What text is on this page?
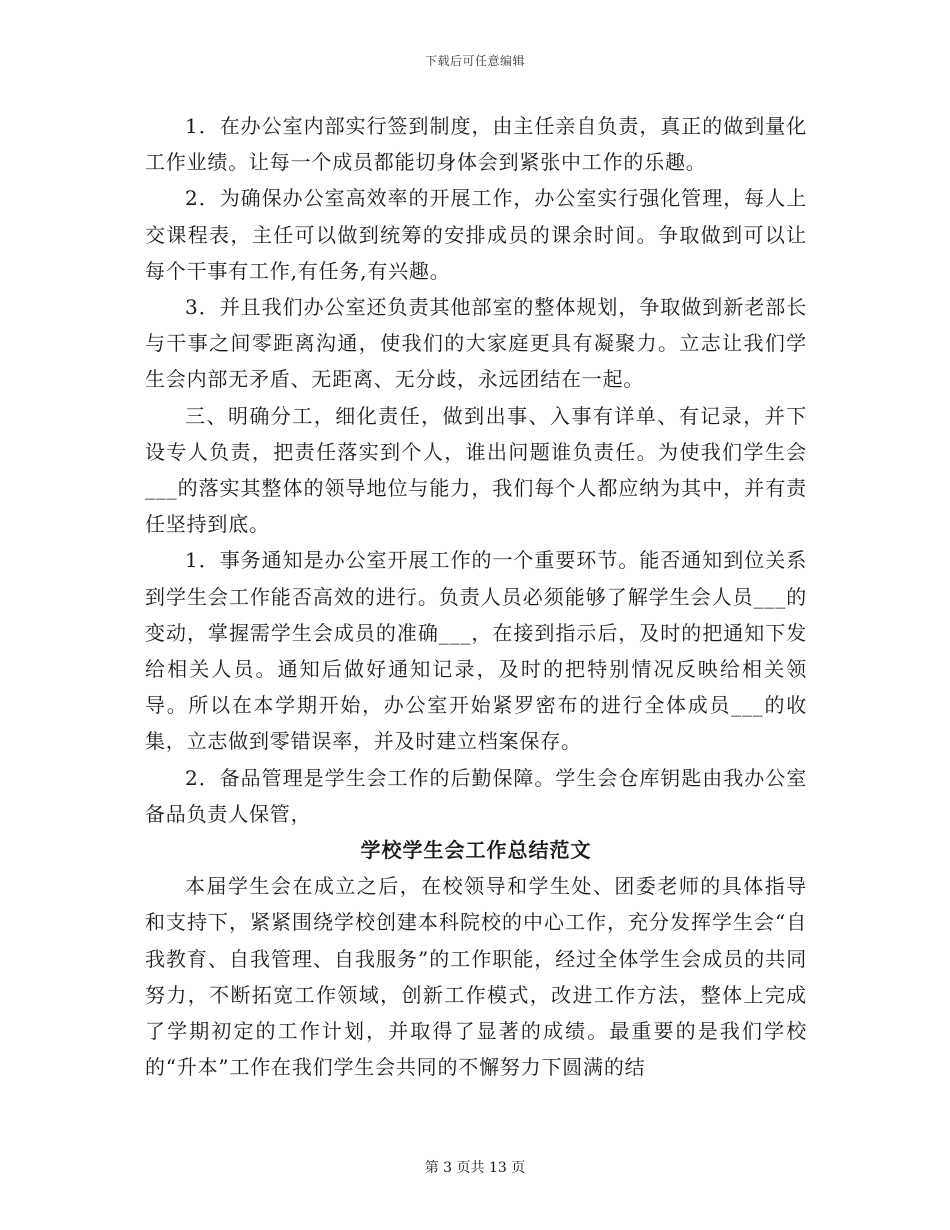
下载后可任意编辑

1．在办公室内部实行签到制度，由主任亲自负责，真正的做到量化工作业绩。让每一个成员都能切身体会到紧张中工作的乐趣。

2．为确保办公室高效率的开展工作，办公室实行强化管理，每人上交课程表，主任可以做到统筹的安排成员的课余时间。争取做到可以让每个干事有工作,有任务,有兴趣。

3．并且我们办公室还负责其他部室的整体规划，争取做到新老部长与干事之间零距离沟通，使我们的大家庭更具有凝聚力。立志让我们学生会内部无矛盾、无距离、无分歧，永远团结在一起。

三、明确分工，细化责任，做到出事、入事有详单、有记录，并下设专人负责，把责任落实到个人，谁出问题谁负责任。为使我们学生会___的落实其整体的领导地位与能力，我们每个人都应纳为其中，并有责任坚持到底。

1．事务通知是办公室开展工作的一个重要环节。能否通知到位关系到学生会工作能否高效的进行。负责人员必须能够了解学生会人员___的变动，掌握需学生会成员的准确___，在接到指示后，及时的把通知下发给相关人员。通知后做好通知记录，及时的把特别情况反映给相关领导。所以在本学期开始，办公室开始紧罗密布的进行全体成员___的收集，立志做到零错误率，并及时建立档案保存。

2．备品管理是学生会工作的后勤保障。学生会仓库钥匙由我办公室备品负责人保管，

学校学生会工作总结范文

本届学生会在成立之后，在校领导和学生处、团委老师的具体指导和支持下，紧紧围绕学校创建本科院校的中心工作，充分发挥学生会“自我教育、自我管理、自我服务”的工作职能，经过全体学生会成员的共同努力，不断拓宽工作领域，创新工作模式，改进工作方法，整体上完成了学期初定的工作计划，并取得了显著的成绩。最重要的是我们学校的“升本”工作在我们学生会共同的不懈努力下圆满的结

第 3 页共 13 页
